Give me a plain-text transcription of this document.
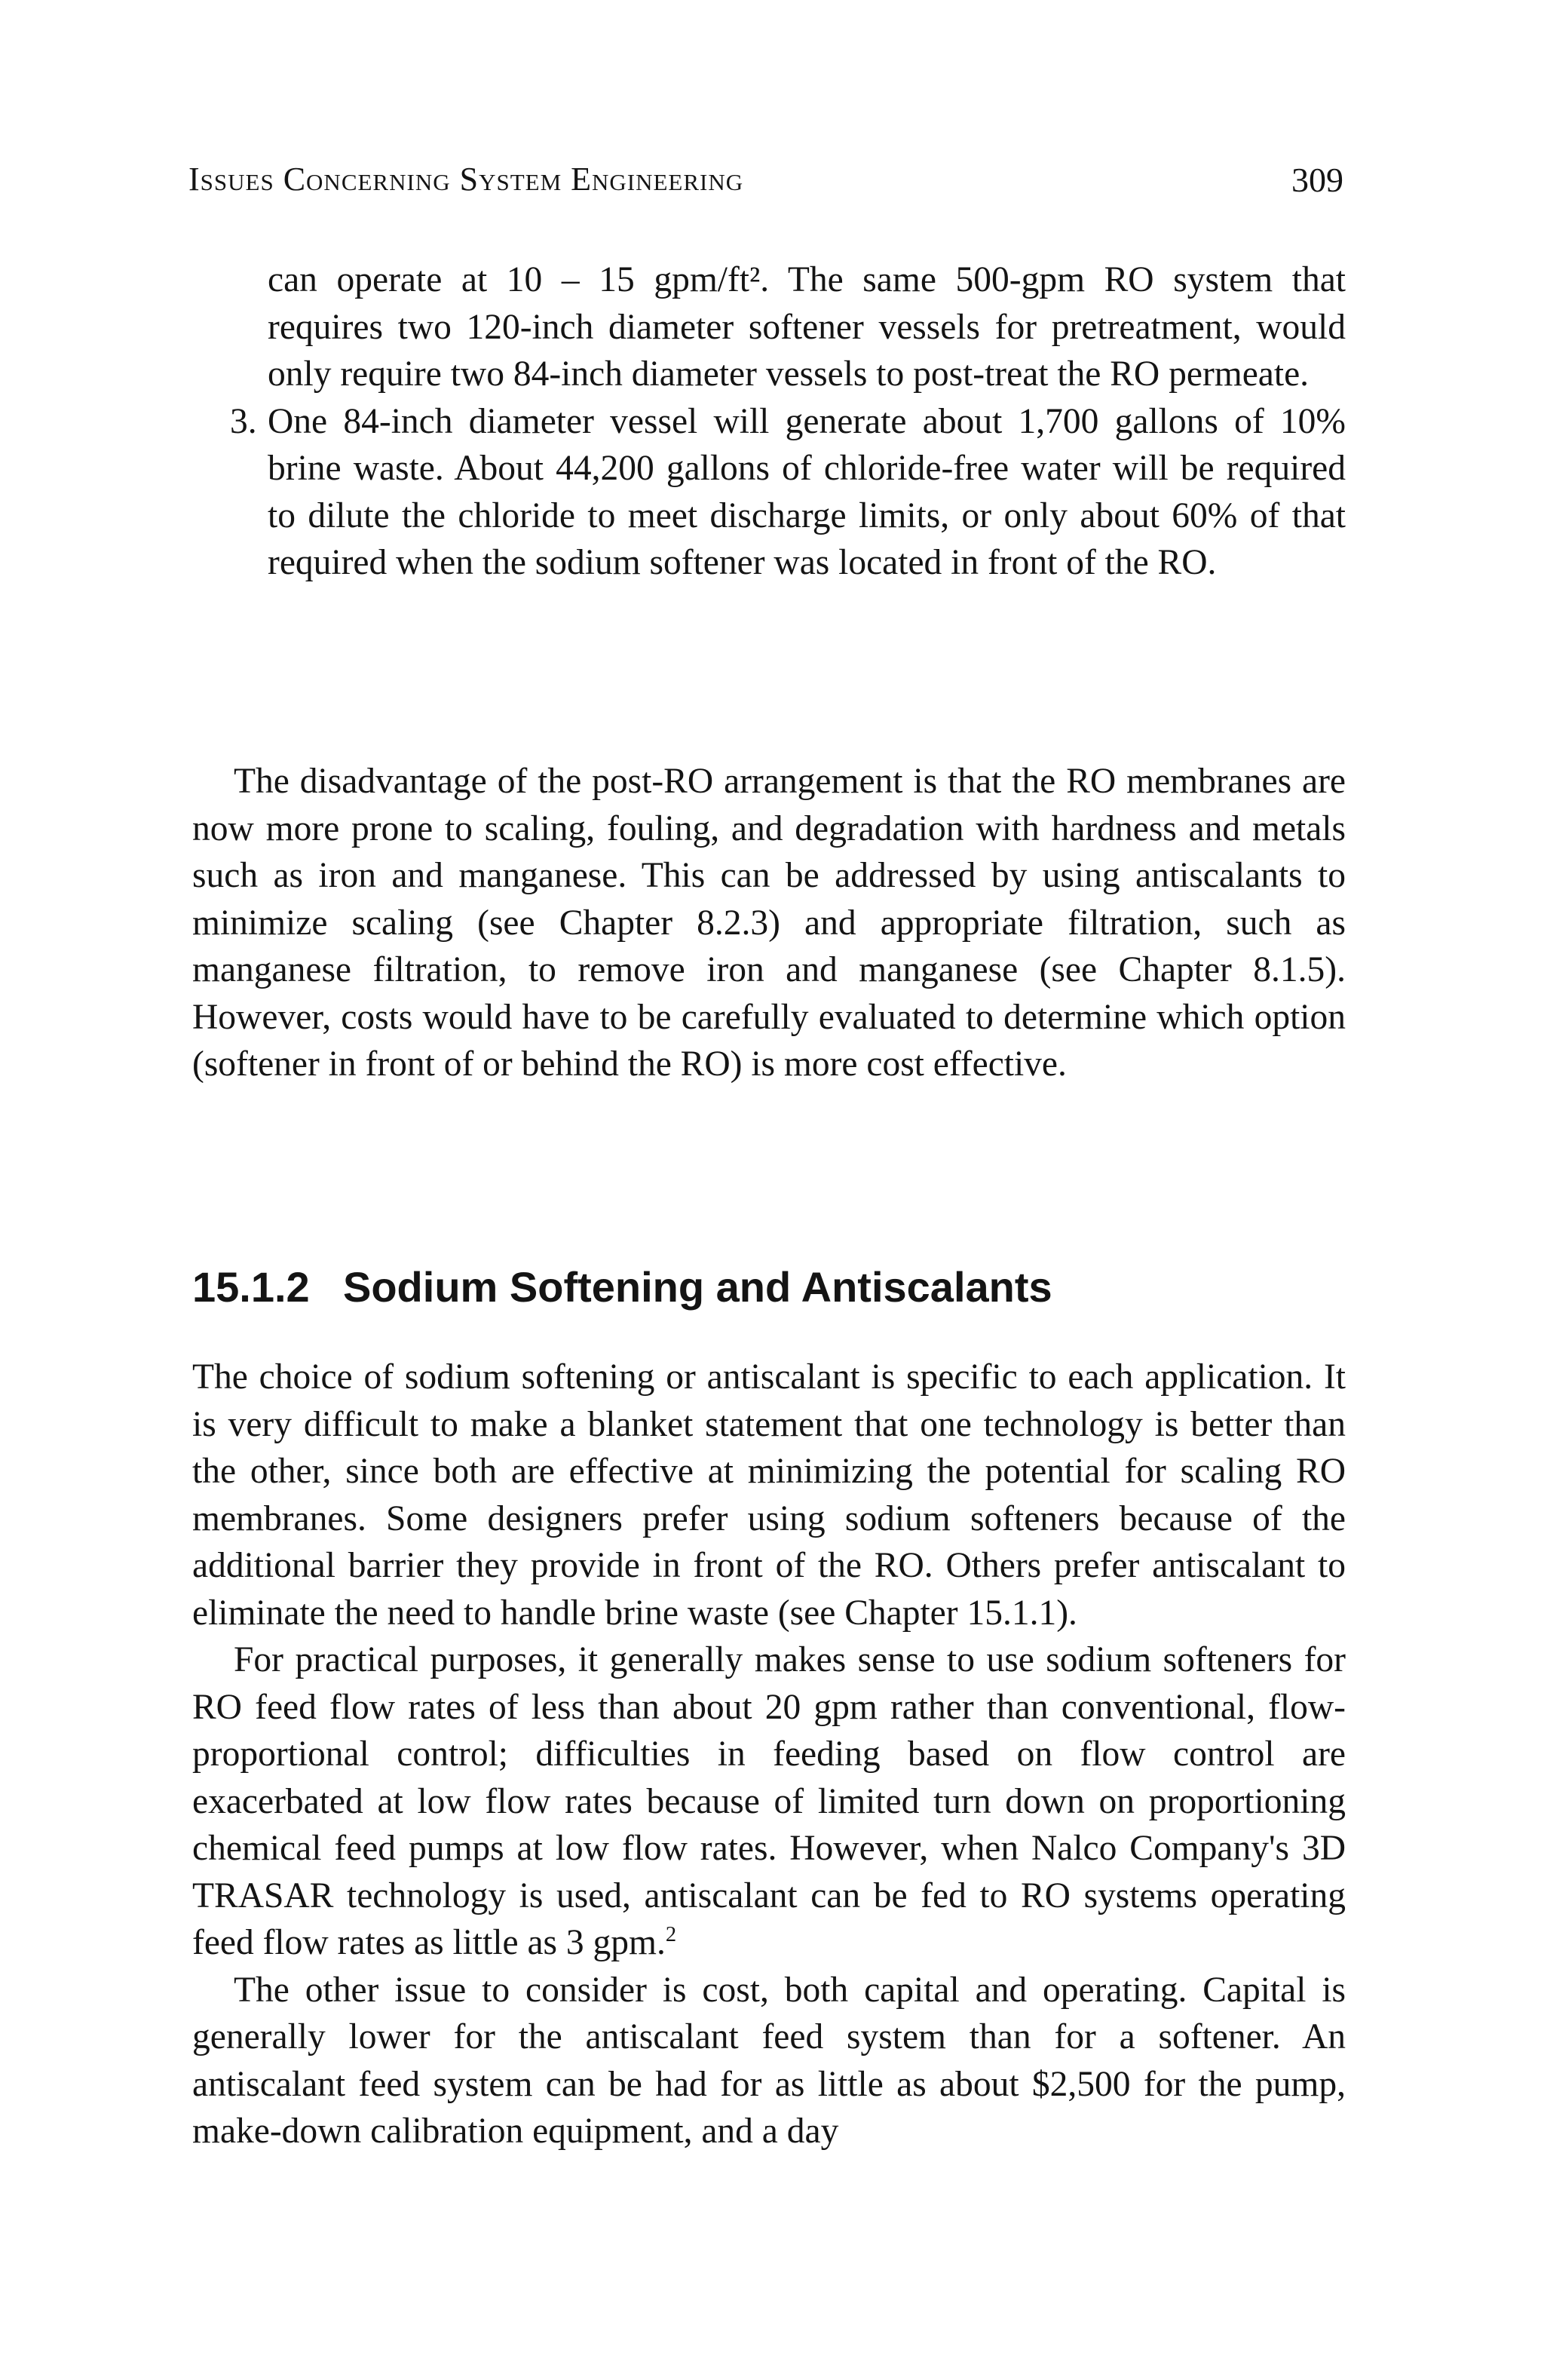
Issues Concerning System Engineering	309

can operate at 10 – 15 gpm/ft². The same 500-gpm RO system that requires two 120-inch diameter softener vessels for pretreatment, would only require two 84-inch diameter vessels to post-treat the RO permeate.

3. One 84-inch diameter vessel will generate about 1,700 gallons of 10% brine waste. About 44,200 gallons of chloride-free water will be required to dilute the chloride to meet discharge limits, or only about 60% of that required when the sodium softener was located in front of the RO.

The disadvantage of the post-RO arrangement is that the RO membranes are now more prone to scaling, fouling, and degradation with hardness and metals such as iron and manganese. This can be addressed by using antiscalants to minimize scaling (see Chapter 8.2.3) and appropriate filtration, such as manganese filtration, to remove iron and manganese (see Chapter 8.1.5). However, costs would have to be carefully evaluated to determine which option (softener in front of or behind the RO) is more cost effective.

15.1.2 Sodium Softening and Antiscalants

The choice of sodium softening or antiscalant is specific to each application. It is very difficult to make a blanket statement that one technology is better than the other, since both are effective at minimizing the potential for scaling RO membranes. Some designers prefer using sodium softeners because of the additional barrier they provide in front of the RO. Others prefer antiscalant to eliminate the need to handle brine waste (see Chapter 15.1.1).

For practical purposes, it generally makes sense to use sodium softeners for RO feed flow rates of less than about 20 gpm rather than conventional, flow-proportional control; difficulties in feeding based on flow control are exacerbated at low flow rates because of limited turn down on proportioning chemical feed pumps at low flow rates. However, when Nalco Company's 3D TRASAR technology is used, antiscalant can be fed to RO systems operating feed flow rates as little as 3 gpm.$^2$

The other issue to consider is cost, both capital and operating. Capital is generally lower for the antiscalant feed system than for a softener. An antiscalant feed system can be had for as little as about $2,500 for the pump, make-down calibration equipment, and a day
